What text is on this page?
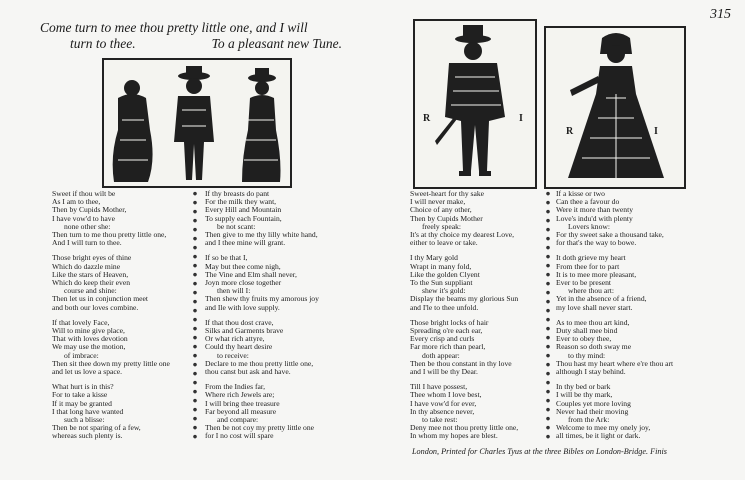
315
Come turn to mee thou pretty little one, and I will
turn to thee.	To a pleasant new Tune.
R	I
R	I

Sweet if thou wilt be

As I am to thee,

Then by Cupids Mother,

I have vow'd to have

none other she:

Then turn to me thou pretty little one,

And I will turn to thee.

Those bright eyes of thine

Which do dazzle mine

Like the stars of Heaven,

Which do keep their even

course and shine:

Then let us in conjunction meet

and both our loves combine.

If that lovely Face,

Will to mine give place,

That with loves devotion

We may use the motion,

of imbrace:

Then sit thee down my pretty little one

and let us love a space.

What hurt is in this?

For to take a kisse

If it may be granted

I that long have wanted

such a blisse:

Then be not sparing of a few,

whereas such plenty is.

If thy breasts do pant

For the milk they want,

Every Hill and Mountain

To supply each Fountain,

be not scant:

Then give to me thy lilly white hand,

and I thee mine will grant.

If so be that I,

May but thee come nigh,

The Vine and Elm shall never,

Joyn more close together

then will I:

Then shew thy fruits my amorous joy

and Ile with love supply.

If that thou dost crave,

Silks and Garments brave

Or what rich attyre,

Could thy heart desire

to receive:

Declare to me thou pretty little one,

thou canst but ask and have.

From the Indies far,

Where rich Jewels are;

I will bring thee treasure

Far beyond all measure

and compare:

Then be not coy my pretty little one

for I no cost will spare

Sweet-heart for thy sake

I will never make,

Choice of any other,

Then by Cupids Mother

freely speak:

It's at thy choice my dearest Love,

either to leave or take.

I thy Mary gold

Wrapt in many fold,

Like the golden Clyent

To the Sun suppliant

shew it's gold:

Display the beams my glorious Sun

and I'le to thee unfold.

Those bright locks of hair

Spreading o're each ear,

Every crisp and curls

Far more rich than pearl,

doth appear:

Then be thou constant in thy love

and I will be thy Dear.

Till I have possest,

Thee whom I love best,

I have vow'd for ever,

In thy absence never,

to take rest:

Deny mee not thou pretty little one,

In whom my hopes are blest.

If a kisse or two

Can thee a favour do

Were it more than twenty

Love's indu'd with plenty

Lovers know:

For thy sweet sake a thousand take,

for that's the way to bowe.

It doth grieve my heart

From thee for to part

It is to mee more pleasant,

Ever to be present

where thou art:

Yet in the absence of a friend,

my love shall never start.

As to mee thou art kind,

Duty shall mee bind

Ever to obey thee,

Reason so doth sway me

to thy mind:

Thou hast my heart where e're thou art

although I stay behind.

In thy bed or bark

I will be thy mark,

Couples yet more loving

Never had their moving

from the Ark:

Welcome to mee my onely joy,

all times, be it light or dark.

London, Printed for Charles Tyus at the three Bibles on London-Bridge. Finis
